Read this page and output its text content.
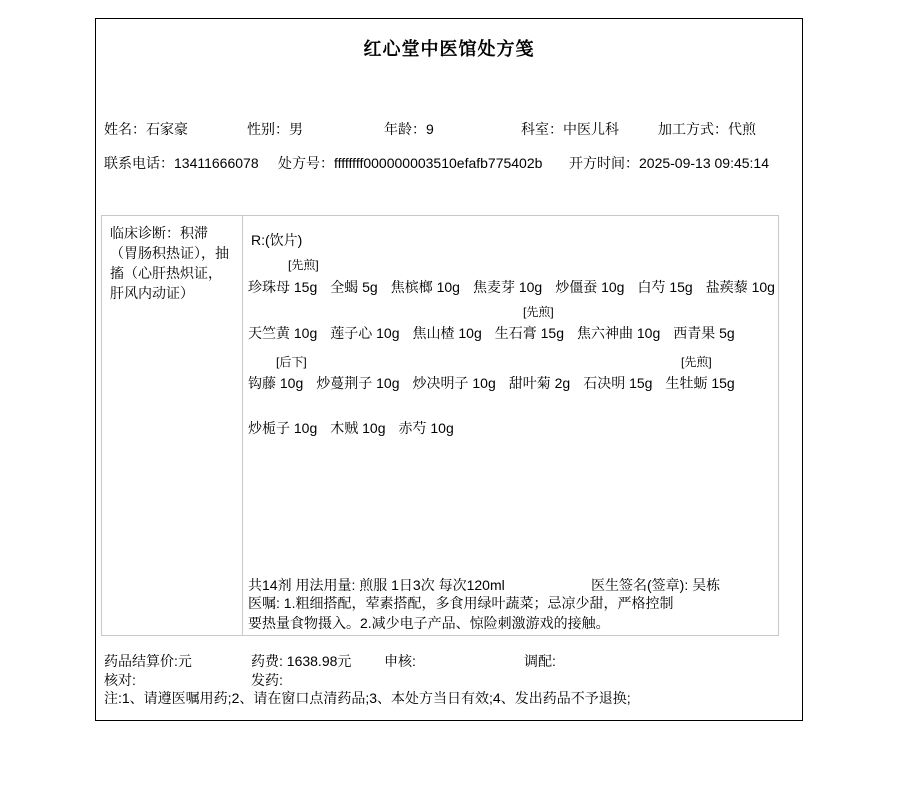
红心堂中医馆处方笺
姓名：石家豪	性别：男	年龄：9	科室：中医儿科	加工方式：代煎
联系电话：13411666078 处方号：ffffffff000000003510efafb775402b 开方时间：2025-09-13 09:45:14
临床诊断：积滞（胃肠积热证），抽搐（心肝热炽证，肝风内动证）
R:(饮片)
[先煎]
珍珠母 15g 全蝎 5g 焦槟榔 10g 焦麦芽 10g 炒僵蚕 10g 白芍 15g 盐蒺藜 10g
[先煎]
天竺黄 10g 莲子心 10g 焦山楂 10g 生石膏 15g 焦六神曲 10g 西青果 5g
[后下]	[先煎]
钩藤 10g 炒蔓荆子 10g 炒决明子 10g 甜叶菊 2g 石决明 15g 生牡蛎 15g
炒栀子 10g 木贼 10g 赤芍 10g
共14剂 用法用量: 煎服 1日3次 每次120ml	医生签名(签章): 吴栋
医嘱: 1.粗细搭配，荤素搭配，多食用绿叶蔬菜；忌凉少甜，严格控制要热量食物摄入。2.减少电子产品、惊险刺激游戏的接触。
药品结算价:元	药费: 1638.98元 申核:	调配:
核对:	发药:
注:1、请遵医嘱用药;2、请在窗口点清药品;3、本处方当日有效;4、发出药品不予退换;
